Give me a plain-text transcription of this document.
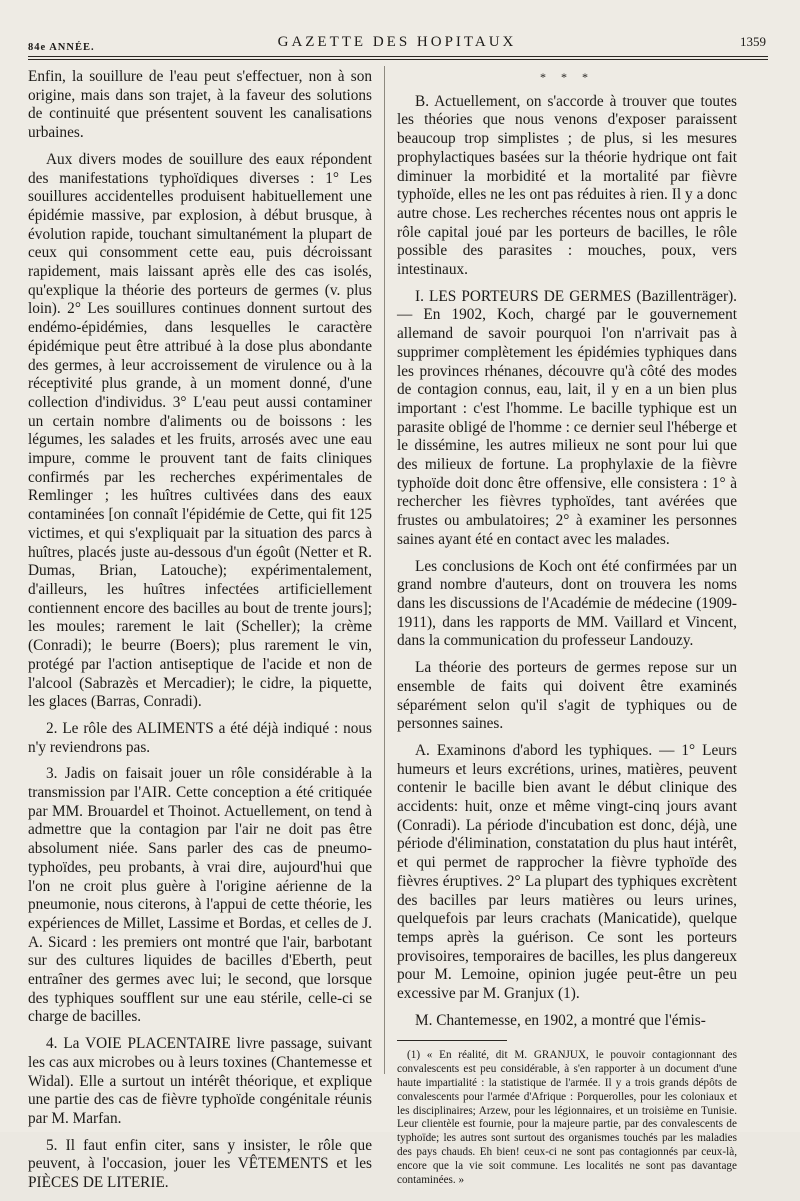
84e ANNÉE.	GAZETTE DES HOPITAUX	1359

Enfin, la souillure de l'eau peut s'effectuer, non à son origine, mais dans son trajet, à la faveur des solutions de continuité que présentent souvent les canalisations urbaines.

Aux divers modes de souillure des eaux répondent des manifestations typhoïdiques diverses : 1° Les souillures accidentelles produisent habituellement une épidémie massive, par explosion, à début brusque, à évolution rapide, touchant simultanément la plupart de ceux qui consomment cette eau, puis décroissant rapidement, mais laissant après elle des cas isolés, qu'explique la théorie des porteurs de germes (v. plus loin). 2° Les souillures continues donnent surtout des endémo-épidémies, dans lesquelles le caractère épidémique peut être attribué à la dose plus abondante des germes, à leur accroissement de virulence ou à la réceptivité plus grande, à un moment donné, d'une collection d'individus. 3° L'eau peut aussi contaminer un certain nombre d'aliments ou de boissons : les légumes, les salades et les fruits, arrosés avec une eau impure, comme le prouvent tant de faits cliniques confirmés par les recherches expérimentales de Remlinger ; les huîtres cultivées dans des eaux contaminées [on connaît l'épidémie de Cette, qui fit 125 victimes, et qui s'expliquait par la situation des parcs à huîtres, placés juste au-dessous d'un égoût (Netter et R. Dumas, Brian, Latouche); expérimentalement, d'ailleurs, les huîtres infectées artificiellement contiennent encore des bacilles au bout de trente jours]; les moules; rarement le lait (Scheller); la crème (Conradi); le beurre (Boers); plus rarement le vin, protégé par l'action antiseptique de l'acide et non de l'alcool (Sabrazès et Mercadier); le cidre, la piquette, les glaces (Barras, Conradi).

2. Le rôle des ALIMENTS a été déjà indiqué : nous n'y reviendrons pas.

3. Jadis on faisait jouer un rôle considérable à la transmission par l'AIR. Cette conception a été critiquée par MM. Brouardel et Thoinot. Actuellement, on tend à admettre que la contagion par l'air ne doit pas être absolument niée. Sans parler des cas de pneumo-typhoïdes, peu probants, à vrai dire, aujourd'hui que l'on ne croit plus guère à l'origine aérienne de la pneumonie, nous citerons, à l'appui de cette théorie, les expériences de Millet, Lassime et Bordas, et celles de J. A. Sicard : les premiers ont montré que l'air, barbotant sur des cultures liquides de bacilles d'Eberth, peut entraîner des germes avec lui; le second, que lorsque des typhiques soufflent sur une eau stérile, celle-ci se charge de bacilles.

4. La VOIE PLACENTAIRE livre passage, suivant les cas aux microbes ou à leurs toxines (Chantemesse et Widal). Elle a surtout un intérêt théorique, et explique une partie des cas de fièvre typhoïde congénitale réunis par M. Marfan.

5. Il faut enfin citer, sans y insister, le rôle que peuvent, à l'occasion, jouer les VÊTEMENTS et les PIÈCES DE LITERIE.

* * *

B. Actuellement, on s'accorde à trouver que toutes les théories que nous venons d'exposer paraissent beaucoup trop simplistes ; de plus, si les mesures prophylactiques basées sur la théorie hydrique ont fait diminuer la morbidité et la mortalité par fièvre typhoïde, elles ne les ont pas réduites à rien. Il y a donc autre chose. Les recherches récentes nous ont appris le rôle capital joué par les porteurs de bacilles, le rôle possible des parasites : mouches, poux, vers intestinaux.

I. LES PORTEURS DE GERMES (Bazillenträger). — En 1902, Koch, chargé par le gouvernement allemand de savoir pourquoi l'on n'arrivait pas à supprimer complètement les épidémies typhiques dans les provinces rhénanes, découvre qu'à côté des modes de contagion connus, eau, lait, il y en a un bien plus important : c'est l'homme. Le bacille typhique est un parasite obligé de l'homme : ce dernier seul l'héberge et le dissémine, les autres milieux ne sont pour lui que des milieux de fortune. La prophylaxie de la fièvre typhoïde doit donc être offensive, elle consistera : 1° à rechercher les fièvres typhoïdes, tant avérées que frustes ou ambulatoires; 2° à examiner les personnes saines ayant été en contact avec les malades.

Les conclusions de Koch ont été confirmées par un grand nombre d'auteurs, dont on trouvera les noms dans les discussions de l'Académie de médecine (1909-1911), dans les rapports de MM. Vaillard et Vincent, dans la communication du professeur Landouzy.

La théorie des porteurs de germes repose sur un ensemble de faits qui doivent être examinés séparément selon qu'il s'agit de typhiques ou de personnes saines.

A. Examinons d'abord les typhiques. — 1° Leurs humeurs et leurs excrétions, urines, matières, peuvent contenir le bacille bien avant le début clinique des accidents: huit, onze et même vingt-cinq jours avant (Conradi). La période d'incubation est donc, déjà, une période d'élimination, constatation du plus haut intérêt, et qui permet de rapprocher la fièvre typhoïde des fièvres éruptives. 2° La plupart des typhiques excrètent des bacilles par leurs matières ou leurs urines, quelquefois par leurs crachats (Manicatide), quelque temps après la guérison. Ce sont les porteurs provisoires, temporaires de bacilles, les plus dangereux pour M. Lemoine, opinion jugée peut-être un peu excessive par M. Granjux (1).

M. Chantemesse, en 1902, a montré que l'émis-

(1) « En réalité, dit M. GRANJUX, le pouvoir contagionnant des convalescents est peu considérable, à s'en rapporter à un document d'une haute impartialité : la statistique de l'armée. Il y a trois grands dépôts de convalescents pour l'armée d'Afrique : Porquerolles, pour les coloniaux et les disciplinaires; Arzew, pour les légionnaires, et un troisième en Tunisie. Leur clientèle est fournie, pour la majeure partie, par des convalescents de typhoïde; les autres sont surtout des organismes touchés par les maladies des pays chauds. Eh bien! ceux-ci ne sont pas contagionnés par ceux-là, encore que la vie soit commune. Les localités ne sont pas davantage contaminées. »
